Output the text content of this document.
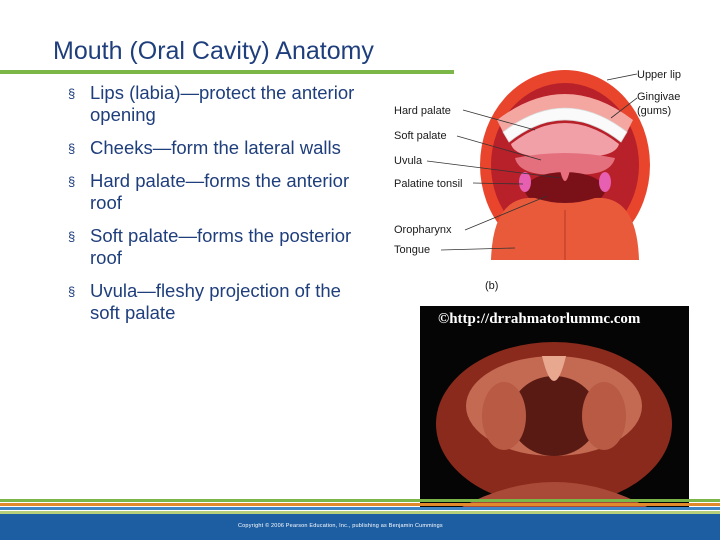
Mouth (Oral Cavity) Anatomy
§ Lips (labia)—protect the anterior opening
§ Cheeks—form the lateral walls
§ Hard palate—forms the anterior roof
§ Soft palate—forms the posterior roof
§ Uvula—fleshy projection of the soft palate
Upper lip
Gingivae
(gums)
Hard palate
Soft palate
Uvula
Palatine tonsil
Oropharynx
Tongue
(b)
©http://drrahmatorlummc.com
Copyright © 2006 Pearson Education, Inc., publishing as Benjamin Cummings
